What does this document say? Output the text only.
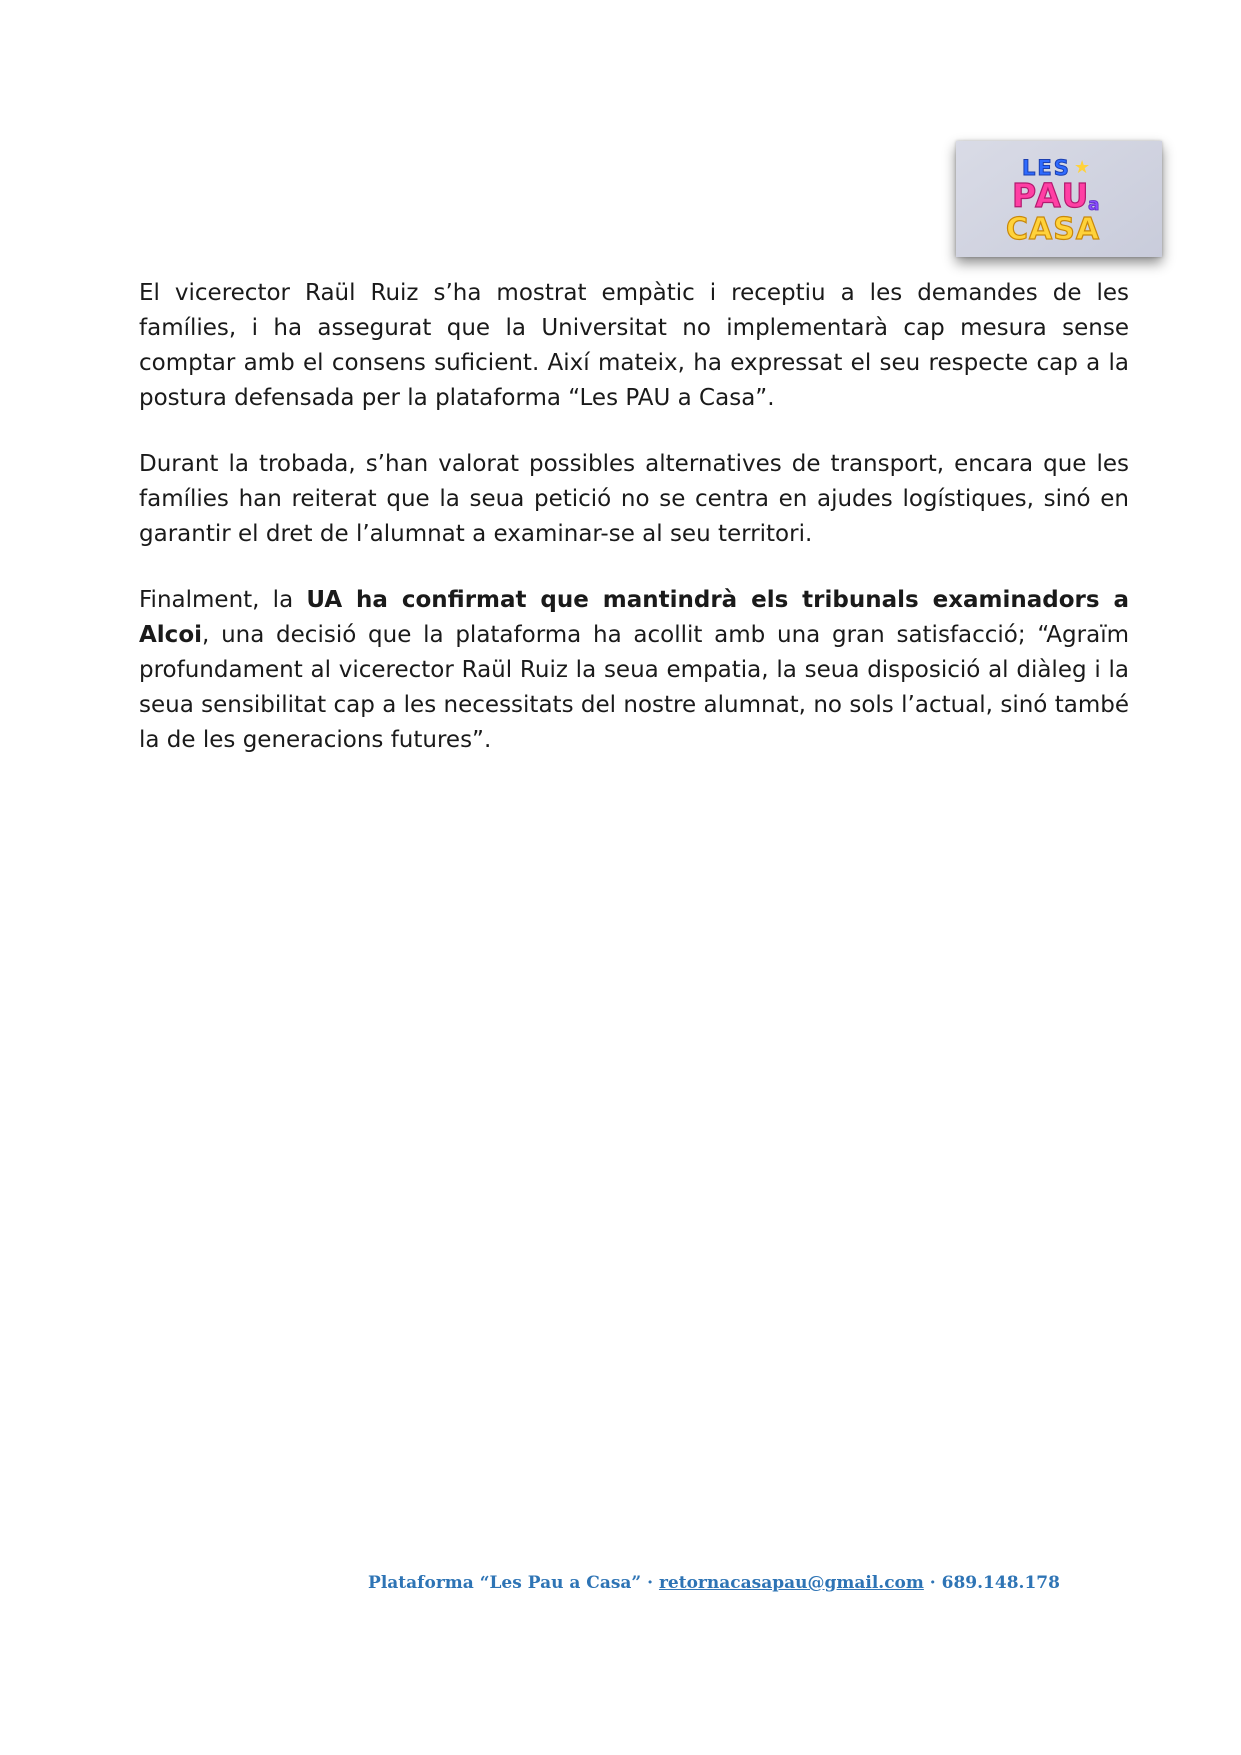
LES ★
PAU
a
CASA

El vicerector Raül Ruiz s’ha mostrat empàtic i receptiu a les demandes de les famílies, i ha assegurat que la Universitat no implementarà cap mesura sense comptar amb el consens suficient. Així mateix, ha expressat el seu respecte cap a la postura defensada per la plataforma “Les PAU a Casa”.

Durant la trobada, s’han valorat possibles alternatives de transport, encara que les famílies han reiterat que la seua petició no se centra en ajudes logístiques, sinó en garantir el dret de l’alumnat a examinar-se al seu territori.

Finalment, la UA ha confirmat que mantindrà els tribunals examinadors a Alcoi, una decisió que la plataforma ha acollit amb una gran satisfacció; “Agraïm profundament al vicerector Raül Ruiz la seua empatia, la seua disposició al diàleg i la seua sensibilitat cap a les necessitats del nostre alumnat, no sols l’actual, sinó també la de les generacions futures”.

Plataforma “Les Pau a Casa” · retornacasapau@gmail.com · 689.148.178
